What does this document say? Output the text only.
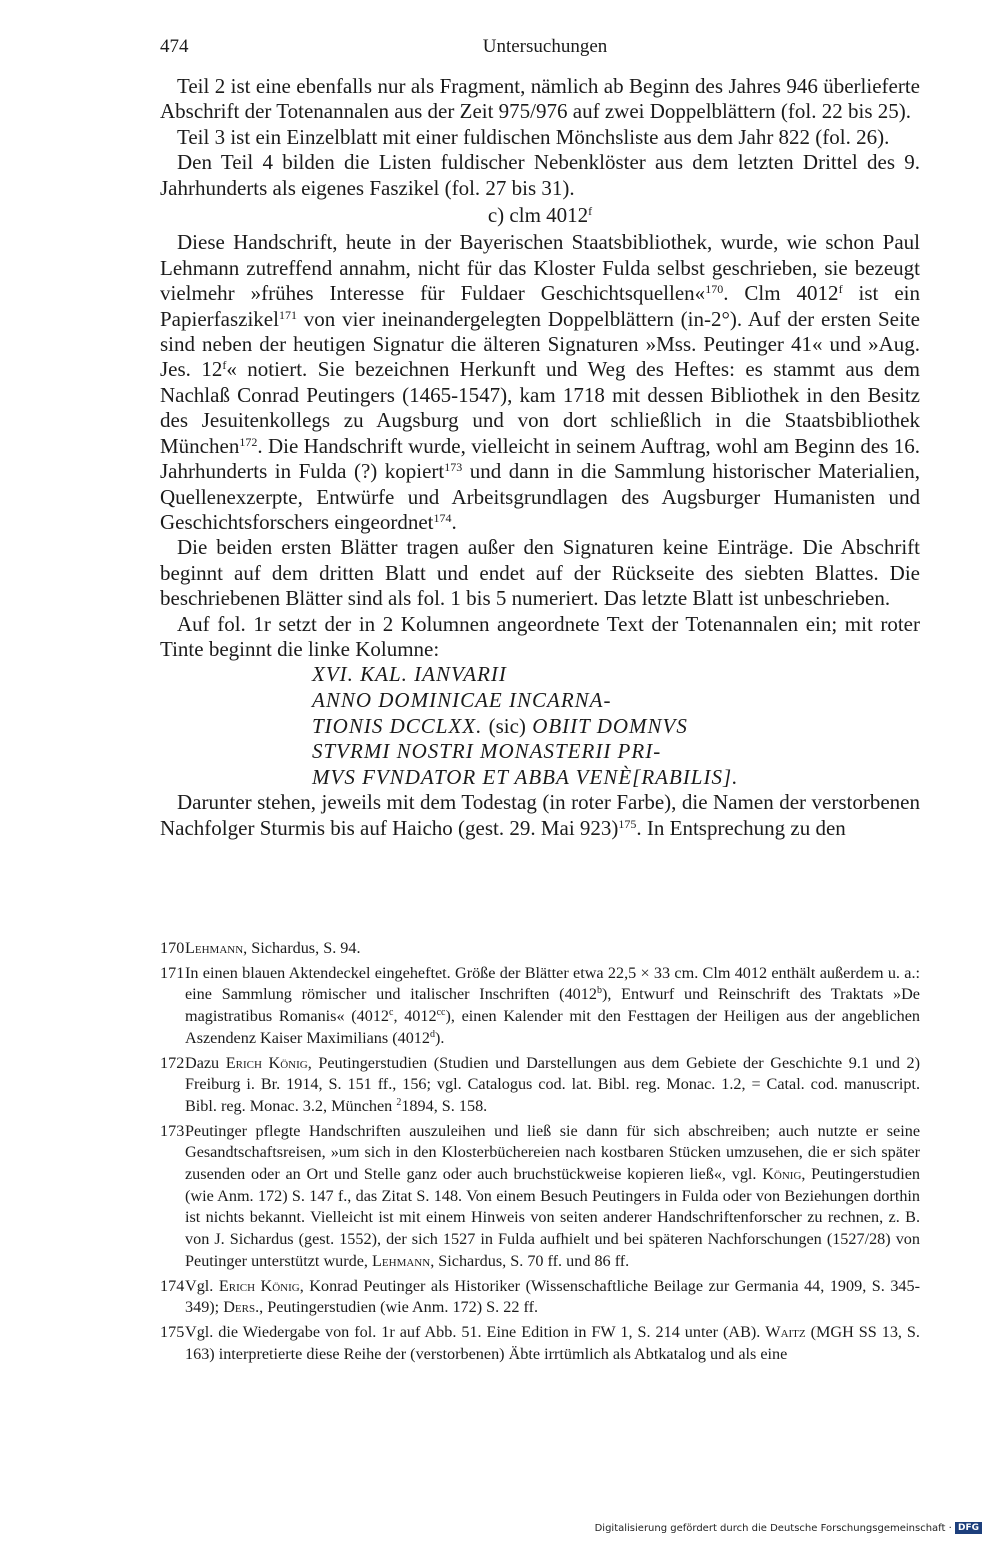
474	Untersuchungen

Teil 2 ist eine ebenfalls nur als Fragment, nämlich ab Beginn des Jahres 946 überlieferte Abschrift der Totenannalen aus der Zeit 975/976 auf zwei Doppelblättern (fol. 22 bis 25).

Teil 3 ist ein Einzelblatt mit einer fuldischen Mönchsliste aus dem Jahr 822 (fol. 26).

Den Teil 4 bilden die Listen fuldischer Nebenklöster aus dem letzten Drittel des 9. Jahrhunderts als eigenes Faszikel (fol. 27 bis 31).

c) clm 4012$^f$

Diese Handschrift, heute in der Bayerischen Staatsbibliothek, wurde, wie schon Paul Lehmann zutreffend annahm, nicht für das Kloster Fulda selbst geschrieben, sie bezeugt vielmehr »frühes Interesse für Fuldaer Geschichtsquellen«$^{170}$. Clm 4012$^f$ ist ein Papierfaszikel$^{171}$ von vier ineinandergelegten Doppelblättern (in-2°). Auf der ersten Seite sind neben der heutigen Signatur die älteren Signaturen »Mss. Peutinger 41« und »Aug. Jes. 12$^f$« notiert. Sie bezeichnen Herkunft und Weg des Heftes: es stammt aus dem Nachlaß Conrad Peutingers (1465-1547), kam 1718 mit dessen Bibliothek in den Besitz des Jesuitenkollegs zu Augsburg und von dort schließlich in die Staatsbibliothek München$^{172}$. Die Handschrift wurde, vielleicht in seinem Auftrag, wohl am Beginn des 16. Jahrhunderts in Fulda (?) kopiert$^{173}$ und dann in die Sammlung historischer Materialien, Quellenexzerpte, Entwürfe und Arbeitsgrundlagen des Augsburger Humanisten und Geschichtsforschers eingeordnet$^{174}$.

Die beiden ersten Blätter tragen außer den Signaturen keine Einträge. Die Abschrift beginnt auf dem dritten Blatt und endet auf der Rückseite des siebten Blattes. Die beschriebenen Blätter sind als fol. 1 bis 5 numeriert. Das letzte Blatt ist unbeschrieben.

Auf fol. 1r setzt der in 2 Kolumnen angeordnete Text der Totenannalen ein; mit roter Tinte beginnt die linke Kolumne:

XVI. KAL. IANVARII
ANNO DOMINICAE INCARNA-
TIONIS DCCLXX. (sic) OBIIT DOMNVS
STVRMI NOSTRI MONASTERII PRI-
MVS FVNDATOR ET ABBA VENÈ[RABILIS].

Darunter stehen, jeweils mit dem Todestag (in roter Farbe), die Namen der verstorbenen Nachfolger Sturmis bis auf Haicho (gest. 29. Mai 923)$^{175}$. In Entsprechung zu den

170 Lehmann, Sichardus, S. 94.
171 In einen blauen Aktendeckel eingeheftet. Größe der Blätter etwa 22,5 × 33 cm. Clm 4012 enthält außerdem u. a.: eine Sammlung römischer und italischer Inschriften (4012$^b$), Entwurf und Reinschrift des Traktats »De magistratibus Romanis« (4012$^c$, $4012^{cc}$), einen Kalender mit den Festtagen der Heiligen aus der angeblichen Aszendenz Kaiser Maximilians (4012$^d$).
172 Dazu Erich König, Peutingerstudien (Studien und Darstellungen aus dem Gebiete der Geschichte 9.1 und 2) Freiburg i. Br. 1914, S. 151 ff., 156; vgl. Catalogus cod. lat. Bibl. reg. Monac. 1.2, = Catal. cod. manuscript. Bibl. reg. Monac. 3.2, München $^2$1894, S. 158.
173 Peutinger pflegte Handschriften auszuleihen und ließ sie dann für sich abschreiben; auch nutzte er seine Gesandtschaftsreisen, »um sich in den Klosterbüchereien nach kostbaren Stücken umzusehen, die er sich später zusenden oder an Ort und Stelle ganz oder auch bruchstückweise kopieren ließ«, vgl. König, Peutingerstudien (wie Anm. 172) S. 147 f., das Zitat S. 148. Von einem Besuch Peutingers in Fulda oder von Beziehungen dorthin ist nichts bekannt. Vielleicht ist mit einem Hinweis von seiten anderer Handschriftenforscher zu rechnen, z. B. von J. Sichardus (gest. 1552), der sich 1527 in Fulda aufhielt und bei späteren Nachforschungen (1527/28) von Peutinger unterstützt wurde, Lehmann, Sichardus, S. 70 ff. und 86 ff.
174 Vgl. Erich König, Konrad Peutinger als Historiker (Wissenschaftliche Beilage zur Germania 44, 1909, S. 345-349); Ders., Peutingerstudien (wie Anm. 172) S. 22 ff.
175 Vgl. die Wiedergabe von fol. 1r auf Abb. 51. Eine Edition in FW 1, S. 214 unter (AB). Waitz (MGH SS 13, S. 163) interpretierte diese Reihe der (verstorbenen) Äbte irrtümlich als Abtkatalog und als eine
Digitalisierung gefördert durch die Deutsche Forschungsgemeinschaft · DFG
